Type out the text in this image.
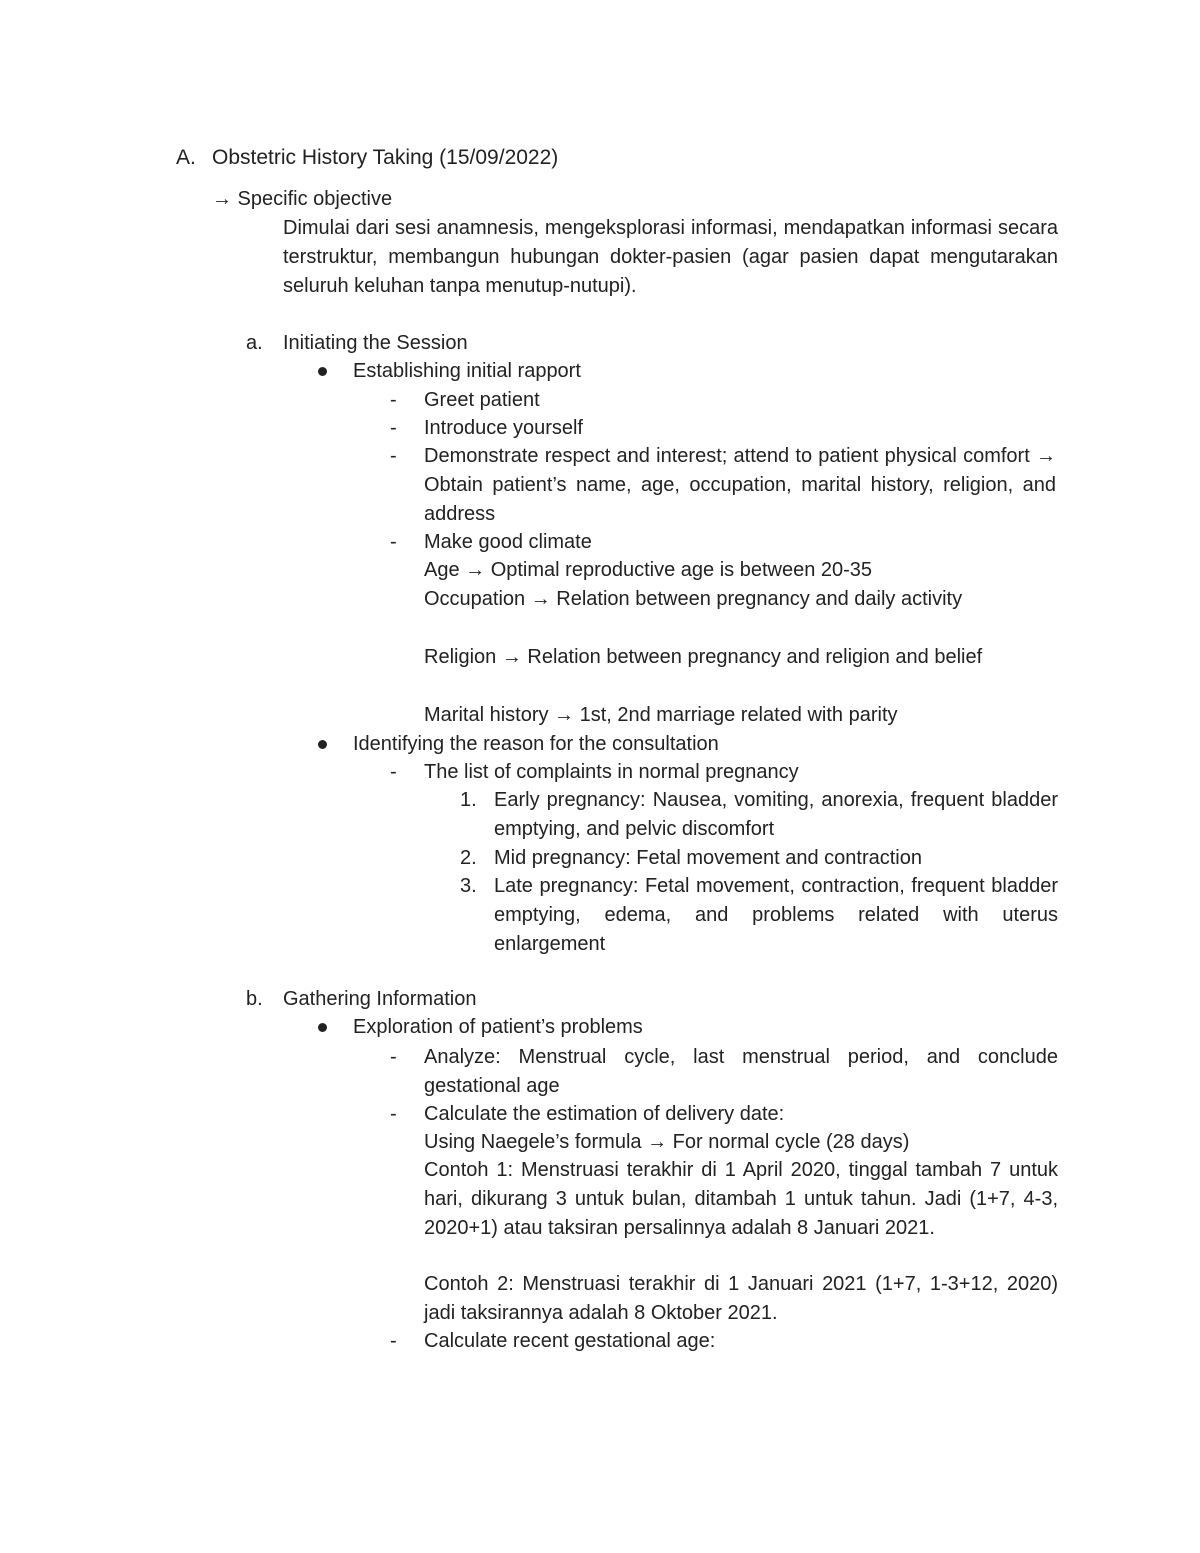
A. Obstetric History Taking (15/09/2022)
→ Specific objective
Dimulai dari sesi anamnesis, mengeksplorasi informasi, mendapatkan informasi secara terstruktur, membangun hubungan dokter-pasien (agar pasien dapat mengutarakan seluruh keluhan tanpa menutup-nutupi).
a. Initiating the Session
Establishing initial rapport
- Greet patient
- Introduce yourself
- Demonstrate respect and interest; attend to patient physical comfort → Obtain patient’s name, age, occupation, marital history, religion, and address
- Make good climate
Age → Optimal reproductive age is between 20-35
Occupation → Relation between pregnancy and daily activity
Religion → Relation between pregnancy and religion and belief
Marital history → 1st, 2nd marriage related with parity
Identifying the reason for the consultation
- The list of complaints in normal pregnancy
1. Early pregnancy: Nausea, vomiting, anorexia, frequent bladder emptying, and pelvic discomfort
2. Mid pregnancy: Fetal movement and contraction
3. Late pregnancy: Fetal movement, contraction, frequent bladder emptying, edema, and problems related with uterus enlargement
b. Gathering Information
Exploration of patient’s problems
- Analyze: Menstrual cycle, last menstrual period, and conclude gestational age
- Calculate the estimation of delivery date:
Using Naegele’s formula → For normal cycle (28 days)
Contoh 1: Menstruasi terakhir di 1 April 2020, tinggal tambah 7 untuk hari, dikurang 3 untuk bulan, ditambah 1 untuk tahun. Jadi (1+7, 4-3, 2020+1) atau taksiran persalinnya adalah 8 Januari 2021.
Contoh 2: Menstruasi terakhir di 1 Januari 2021 (1+7, 1-3+12, 2020) jadi taksirannya adalah 8 Oktober 2021.
- Calculate recent gestational age:
